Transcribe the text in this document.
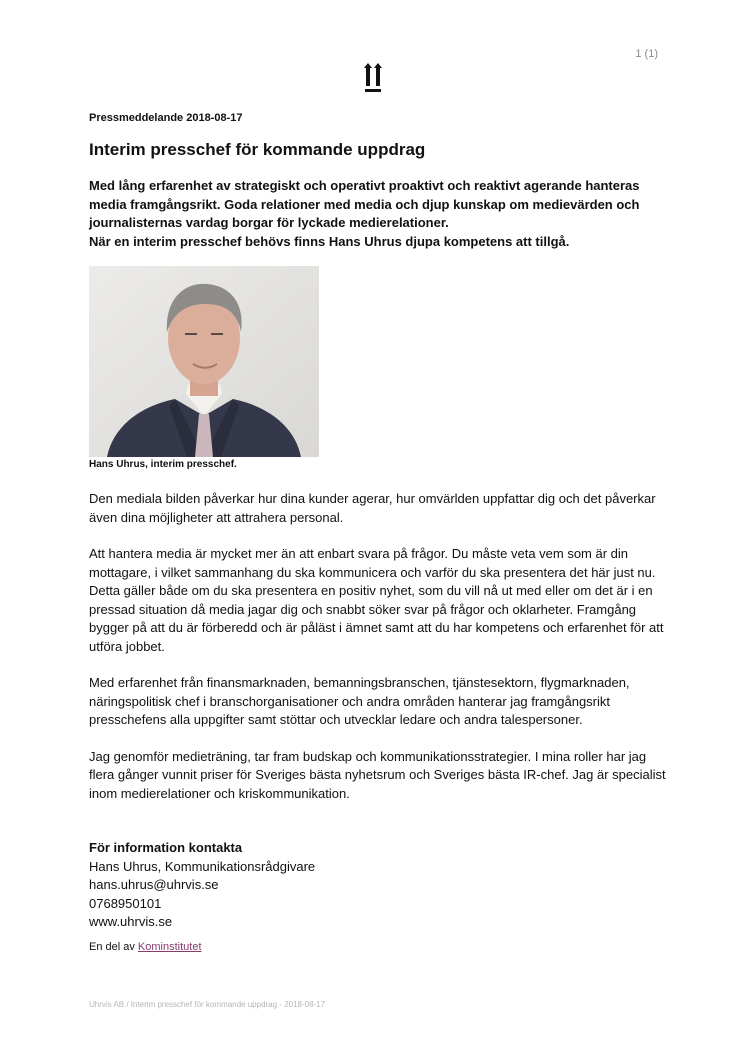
1 (1)
Pressmeddelande 2018-08-17
Interim presschef för kommande uppdrag

Med lång erfarenhet av strategiskt och operativt proaktivt och reaktivt agerande hanteras media framgångsrikt. Goda relationer med media och djup kunskap om medievärden och journalisternas vardag borgar för lyckade medierelationer.

När en interim presschef behövs finns Hans Uhrus djupa kompetens att tillgå.

Hans Uhrus, interim presschef.

Den mediala bilden påverkar hur dina kunder agerar, hur omvärlden uppfattar dig och det påverkar även dina möjligheter att attrahera personal.

Att hantera media är mycket mer än att enbart svara på frågor. Du måste veta vem som är din mottagare, i vilket sammanhang du ska kommunicera och varför du ska presentera det här just nu. Detta gäller både om du ska presentera en positiv nyhet, som du vill nå ut med eller om det är i en pressad situation då media jagar dig och snabbt söker svar på frågor och oklarheter. Framgång bygger på att du är förberedd och är påläst i ämnet samt att du har kompetens och erfarenhet för att utföra jobbet.

Med erfarenhet från finansmarknaden, bemanningsbranschen, tjänstesektorn, flygmarknaden, näringspolitisk chef i branschorganisationer och andra områden hanterar jag framgångsrikt presschefens alla uppgifter samt stöttar och utvecklar ledare och andra talespersoner.

Jag genomför medieträning, tar fram budskap och kommunikationsstrategier. I mina roller har jag flera gånger vunnit priser för Sveriges bästa nyhetsrum och Sveriges bästa IR-chef. Jag är specialist inom medierelationer och kriskommunikation.

För information kontakta
Hans Uhrus, Kommunikationsrådgivare
hans.uhrus@uhrvis.se
0768950101
www.uhrvis.se
En del av Kominstitutet
Uhrvis AB / Interim presschef för kommande uppdrag - 2018-08-17
